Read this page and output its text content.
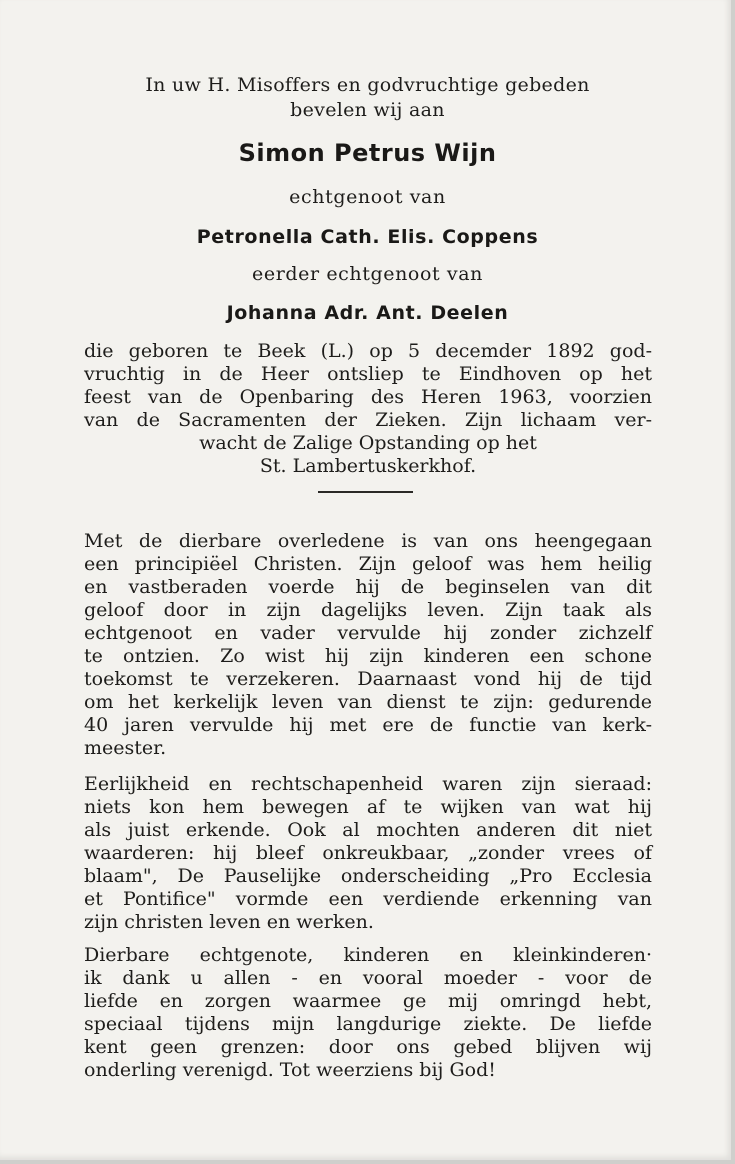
In uw H. Misoffers en godvruchtige gebeden
bevelen wij aan
Simon Petrus Wijn
echtgenoot van
Petronella Cath. Elis. Coppens
eerder echtgenoot van
Johanna Adr. Ant. Deelen
die geboren te Beek (L.) op 5 decemder 1892 god-
vruchtig in de Heer ontsliep te Eindhoven op het
feest van de Openbaring des Heren 1963, voorzien
van de Sacramenten der Zieken. Zijn lichaam ver-
wacht de Zalige Opstanding op het
St. Lambertuskerkhof.
Met de dierbare overledene is van ons heengegaan
een principiëel Christen. Zijn geloof was hem heilig
en vastberaden voerde hij de beginselen van dit
geloof door in zijn dagelijks leven. Zijn taak als
echtgenoot en vader vervulde hij zonder zichzelf
te ontzien. Zo wist hij zijn kinderen een schone
toekomst te verzekeren. Daarnaast vond hij de tijd
om het kerkelijk leven van dienst te zijn: gedurende
40 jaren vervulde hij met ere de functie van kerk-
meester.
Eerlijkheid en rechtschapenheid waren zijn sieraad:
niets kon hem bewegen af te wijken van wat hij
als juist erkende. Ook al mochten anderen dit niet
waarderen: hij bleef onkreukbaar, „zonder vrees of
blaam", De Pauselijke onderscheiding „Pro Ecclesia
et Pontifice" vormde een verdiende erkenning van
zijn christen leven en werken.
Dierbare echtgenote, kinderen en kleinkinderen·
ik dank u allen - en vooral moeder - voor de
liefde en zorgen waarmee ge mij omringd hebt,
speciaal tijdens mijn langdurige ziekte. De liefde
kent geen grenzen: door ons gebed blijven wij
onderling verenigd. Tot weerziens bij God!
